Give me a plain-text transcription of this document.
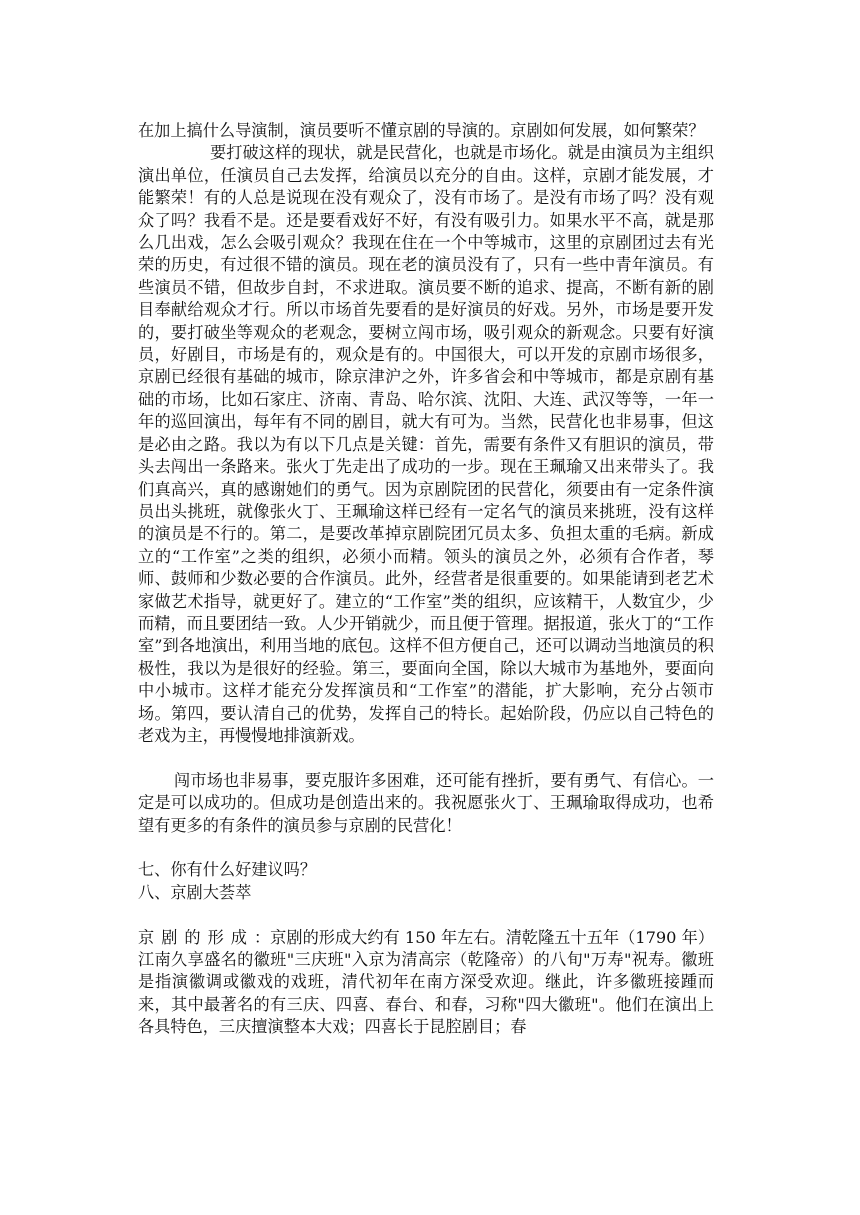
在加上搞什么导演制，演员要听不懂京剧的导演的。京剧如何发展，如何繁荣？

要打破这样的现状，就是民营化，也就是市场化。就是由演员为主组织演出单位，任演员自己去发挥，给演员以充分的自由。这样，京剧才能发展，才能繁荣！有的人总是说现在没有观众了，没有市场了。是没有市场了吗？没有观众了吗？我看不是。还是要看戏好不好，有没有吸引力。如果水平不高，就是那么几出戏，怎么会吸引观众？我现在住在一个中等城市，这里的京剧团过去有光荣的历史，有过很不错的演员。现在老的演员没有了，只有一些中青年演员。有些演员不错，但故步自封，不求进取。演员要不断的追求、提高，不断有新的剧目奉献给观众才行。所以市场首先要看的是好演员的好戏。另外，市场是要开发的，要打破坐等观众的老观念，要树立闯市场，吸引观众的新观念。只要有好演员，好剧目，市场是有的，观众是有的。中国很大，可以开发的京剧市场很多，京剧已经很有基础的城市，除京津沪之外，许多省会和中等城市，都是京剧有基础的市场，比如石家庄、济南、青岛、哈尔滨、沈阳、大连、武汉等等，一年一年的巡回演出，每年有不同的剧目，就大有可为。当然，民营化也非易事，但这是必由之路。我以为有以下几点是关键：首先，需要有条件又有胆识的演员，带头去闯出一条路来。张火丁先走出了成功的一步。现在王珮瑜又出来带头了。我们真高兴，真的感谢她们的勇气。因为京剧院团的民营化，须要由有一定条件演员出头挑班，就像张火丁、王珮瑜这样已经有一定名气的演员来挑班，没有这样的演员是不行的。第二，是要改革掉京剧院团冗员太多、负担太重的毛病。新成立的“工作室”之类的组织，必须小而精。领头的演员之外，必须有合作者，琴师、鼓师和少数必要的合作演员。此外，经营者是很重要的。如果能请到老艺术家做艺术指导，就更好了。建立的“工作室”类的组织，应该精干，人数宜少，少而精，而且要团结一致。人少开销就少，而且便于管理。据报道，张火丁的“工作室”到各地演出，利用当地的底包。这样不但方便自己，还可以调动当地演员的积极性，我以为是很好的经验。第三，要面向全国，除以大城市为基地外，要面向中小城市。这样才能充分发挥演员和“工作室”的潜能，扩大影响，充分占领市场。第四，要认清自己的优势，发挥自己的特长。起始阶段，仍应以自己特色的老戏为主，再慢慢地排演新戏。

闯市场也非易事，要克服许多困难，还可能有挫折，要有勇气、有信心。一定是可以成功的。但成功是创造出来的。我祝愿张火丁、王珮瑜取得成功，也希望有更多的有条件的演员参与京剧的民营化！

七、你有什么好建议吗？

八、京剧大荟萃

京剧的形成：京剧的形成大约有 150 年左右。清乾隆五十五年（1790 年）江南久享盛名的徽班"三庆班"入京为清高宗（乾隆帝）的八旬"万寿"祝寿。徽班是指演徽调或徽戏的戏班，清代初年在南方深受欢迎。继此，许多徽班接踵而来，其中最著名的有三庆、四喜、春台、和春，习称"四大徽班"。他们在演出上各具特色，三庆擅演整本大戏；四喜长于昆腔剧目；春
